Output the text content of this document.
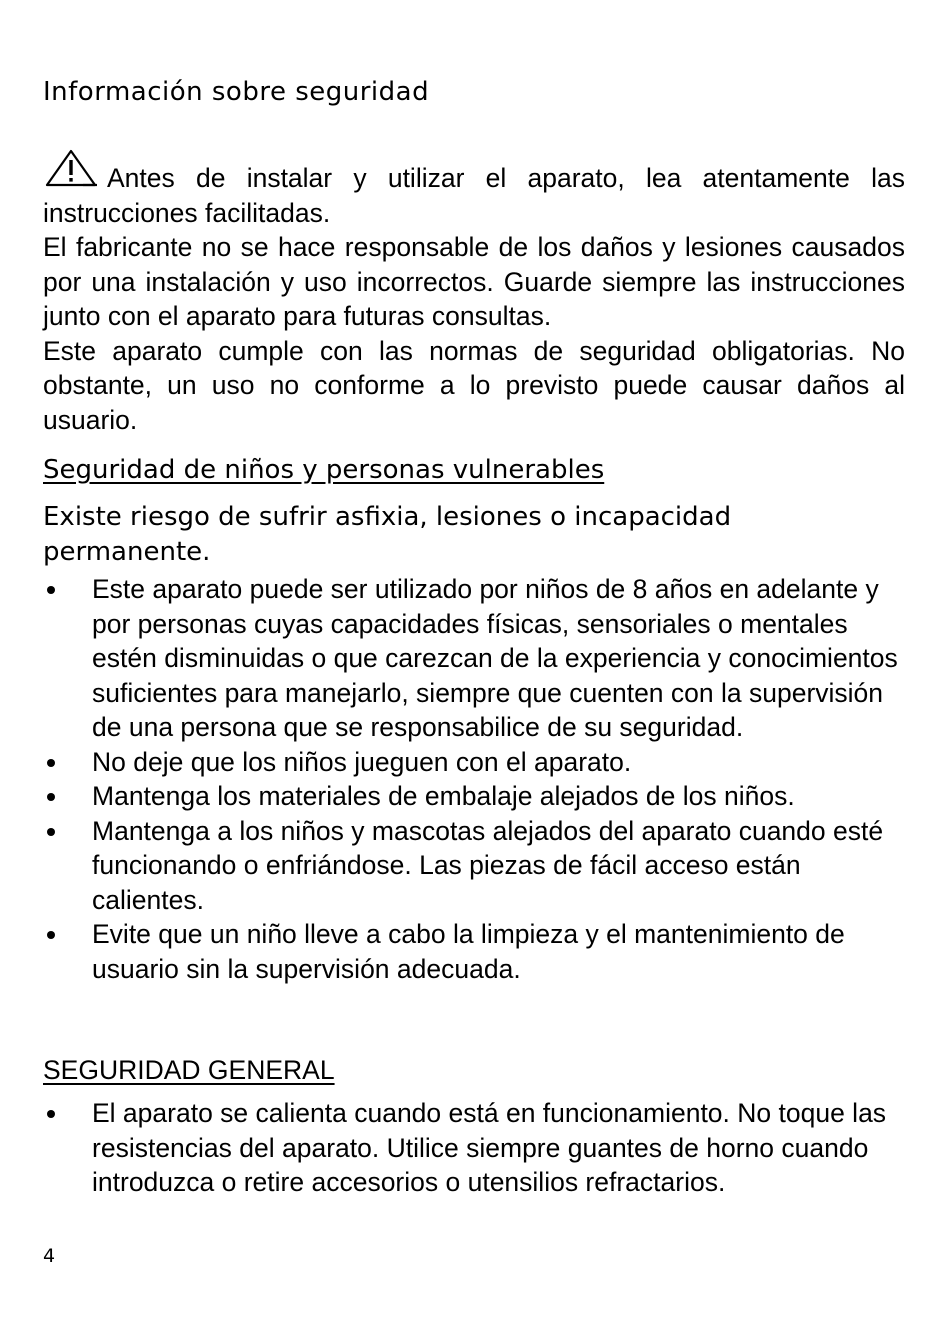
Información sobre seguridad

Antes de instalar y utilizar el aparato, lea atentamente las instrucciones facilitadas.

El fabricante no se hace responsable de los daños y lesiones causados por una instalación y uso incorrectos. Guarde siempre las instrucciones junto con el aparato para futuras consultas.

Este aparato cumple con las normas de seguridad obligatorias. No obstante, un uso no conforme a lo previsto puede causar daños al usuario.

Seguridad de niños y personas vulnerables

Existe riesgo de sufrir asfixia, lesiones o incapacidad permanente.

Este aparato puede ser utilizado por niños de 8 años en adelante y por personas cuyas capacidades físicas, sensoriales o mentales estén disminuidas o que carezcan de la experiencia y conocimientos suficientes para manejarlo, siempre que cuenten con la supervisión de una persona que se responsabilice de su seguridad.
No deje que los niños jueguen con el aparato.
Mantenga los materiales de embalaje alejados de los niños.
Mantenga a los niños y mascotas alejados del aparato cuando esté funcionando o enfriándose. Las piezas de fácil acceso están calientes.
Evite que un niño lleve a cabo la limpieza y el mantenimiento de usuario sin la supervisión adecuada.
SEGURIDAD GENERAL
El aparato se calienta cuando está en funcionamiento. No toque las resistencias del aparato. Utilice siempre guantes de horno cuando introduzca o retire accesorios o utensilios refractarios.
4
